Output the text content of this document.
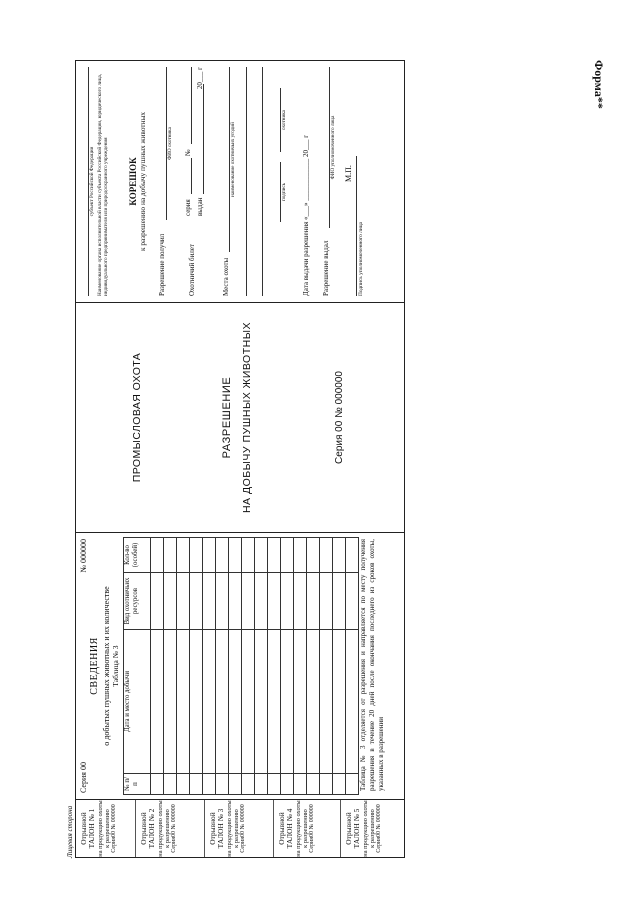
Форма**
Лицевая сторона Отрывной ТАЛОН № 1 на продукцию охоты к разрешению Серия00 № 000000	Отрывной ТАЛОН № 2 на продукцию охоты к разрешению Серия00 № 000000	Отрывной ТАЛОН № 3 на продукцию охоты к разрешению Серия00 № 000000	Отрывной ТАЛОН № 4 на продукцию охоты к разрешению Серия00 № 000000	Отрывной ТАЛОН № 5 на продукцию охоты к разрешению Серия00 № 000000
Серия 00
№ 000000
СВЕДЕНИЯ о добытых пушных животных и их количестве Таблица № 3
№ п/п	Дата и место добычи	Вид охотничьих ресурсов	Кол-во (особей)

				Таблица № 3 отделяется от разрешения и направляется по месту получения разрешения в течение 20 дней после окончания последнего из сроков охоты, указанных в разрешении
ПРОМЫСЛОВАЯ ОХОТА	РАЗРЕШЕНИЕ НА ДОБЫЧУ ПУШНЫХ ЖИВОТНЫХ	Серия 00 № 000000
субъект Российской Федерации Наименование органа исполнительной власти субъекта Российской Федерации, юридического лица, индивидуального предпринимателя или природоохранного учреждения КОРЕШОК к разрешению на добычу пушных животных
Разрешение получил
ФИО охотника
Охотничий билет
серия
№
выдан
20___ г
Места охоты
наименование охотничьих угодий	подпись
охотника
Дата выдачи разрешения «___» ____________ 20___ г Разрешение выдал
ФИО уполномоченного лица М.П.
Подпись уполномоченного лица
